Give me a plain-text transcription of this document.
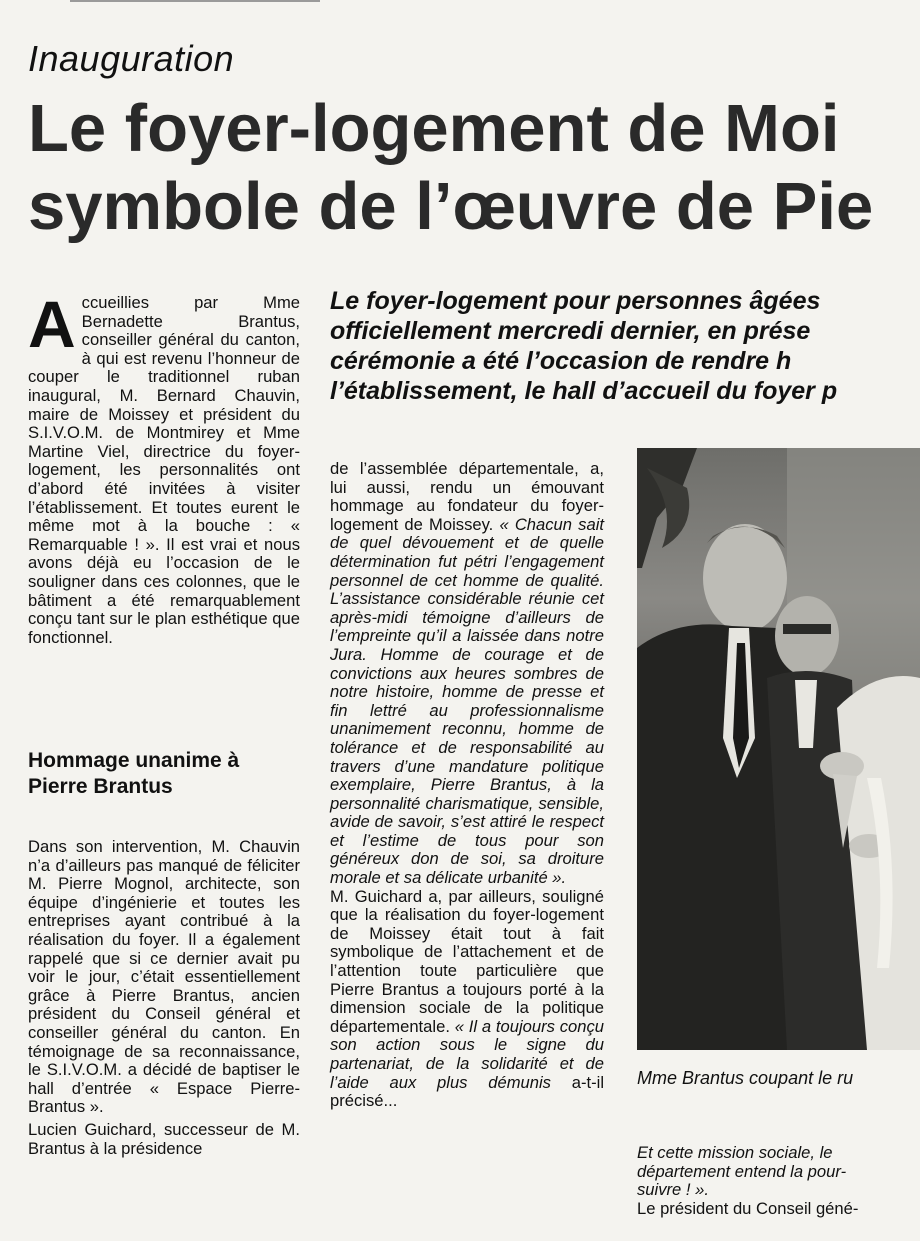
Inauguration
Le foyer-logement de Moi
symbole de l’œuvre de Pie
Le foyer-logement pour personnes âgées
officiellement mercredi dernier, en prése
cérémonie a été l’occasion de rendre h
l’établissement, le hall d’accueil du foyer p
A ccueillies par Mme Bernadette Brantus, conseiller général du canton, à qui est revenu l’honneur de couper le traditionnel ruban inaugural, M. Bernard Chauvin, maire de Moissey et président du S.I.V.O.M. de Montmirey et Mme Martine Viel, directrice du foyer-logement, les personnalités ont d’abord été invitées à visiter l’établissement. Et toutes eurent le même mot à la bouche : « Remarquable ! ». Il est vrai et nous avons déjà eu l’occasion de le souligner dans ces colonnes, que le bâtiment a été remarquablement conçu tant sur le plan esthétique que fonctionnel.
Hommage unanime à Pierre Brantus

Dans son intervention, M. Chauvin n’a d’ailleurs pas manqué de féliciter M. Pierre Mognol, architecte, son équipe d’ingénierie et toutes les entreprises ayant contribué à la réalisation du foyer. Il a également rappelé que si ce dernier avait pu voir le jour, c’était essentiellement grâce à Pierre Brantus, ancien président du Conseil général et conseiller général du canton. En témoignage de sa reconnaissance, le S.I.V.O.M. a décidé de baptiser le hall d’entrée « Espace Pierre-Brantus ».

Lucien Guichard, successeur de M. Brantus à la présidence

de l’assemblée départementale, a, lui aussi, rendu un émouvant hommage au fondateur du foyer-logement de Moissey. « Chacun sait de quel dévouement et de quelle détermination fut pétri l’engagement personnel de cet homme de qualité. L’assistance considérable réunie cet après-midi témoigne d’ailleurs de l’empreinte qu’il a laissée dans notre Jura. Homme de courage et de convictions aux heures sombres de notre histoire, homme de presse et fin lettré au professionnalisme unanimement reconnu, homme de tolérance et de responsabilité au travers d’une mandature politique exemplaire, Pierre Brantus, à la personnalité charismatique, sensible, avide de savoir, s’est attiré le respect et l’estime de tous pour son généreux don de soi, sa droiture morale et sa délicate urbanité ».

M. Guichard a, par ailleurs, souligné que la réalisation du foyer-logement de Moissey était tout à fait symbolique de l’attachement et de l’attention toute particulière que Pierre Brantus a toujours porté à la dimension sociale de la politique départementale. « Il a toujours conçu son action sous le signe du partenariat, de la solidarité et de l’aide aux plus démunis a-t-il précisé...

Mme Brantus coupant le ru

Et cette mission sociale, le

département entend la pour-

suivre ! ».

Le président du Conseil géné-
